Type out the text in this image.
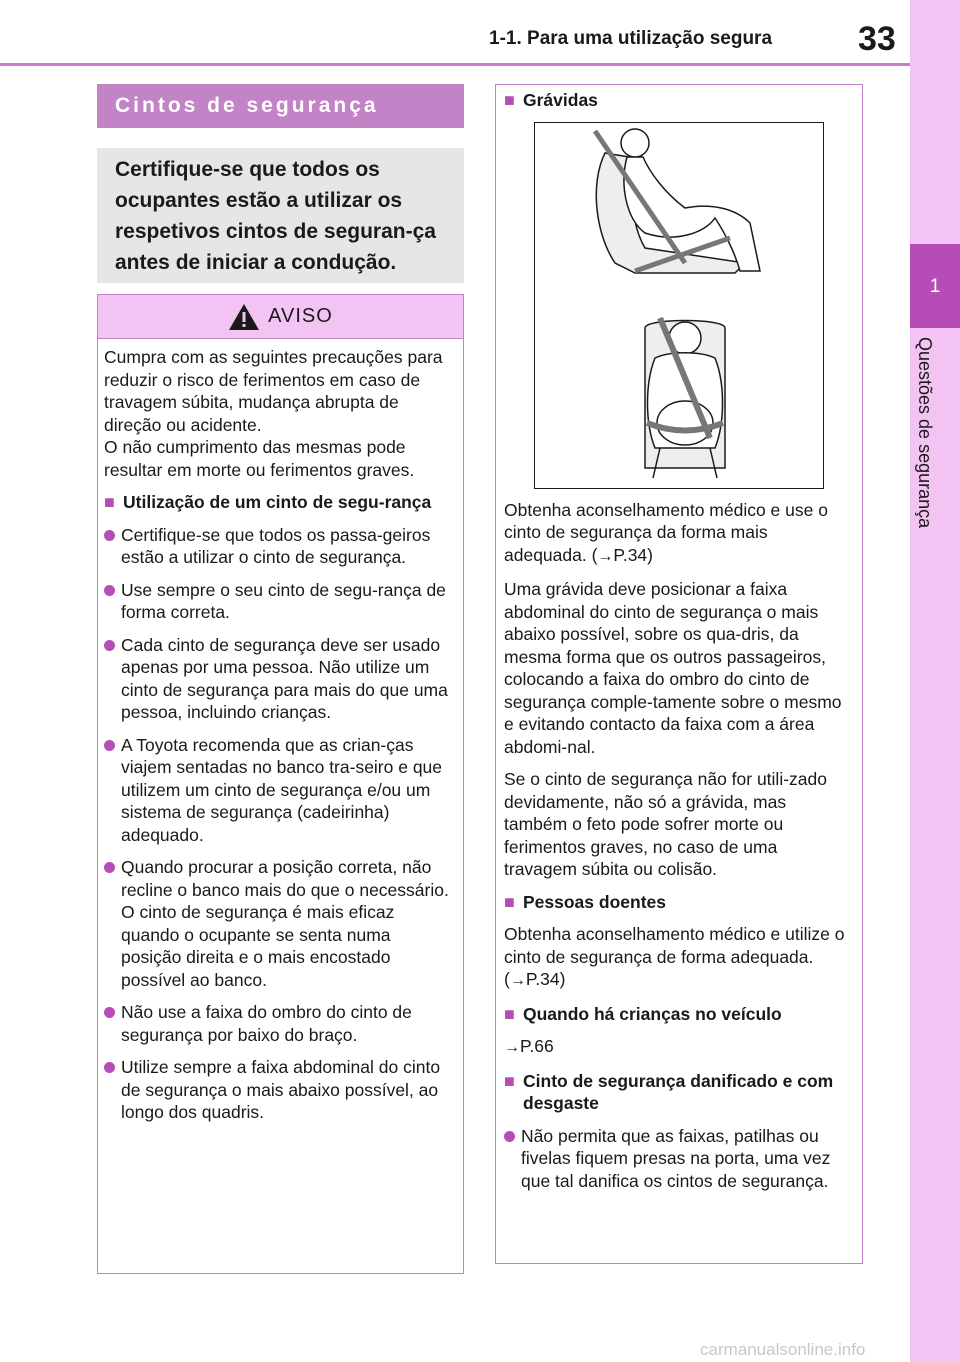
1
Questões de segurança
1-1. Para uma utilização segura	33
Cintos de segurança
Certifique-se que todos os ocupantes estão a utilizar os respetivos cintos de seguran-ça antes de iniciar a condução.
AVISO

Cumpra com as seguintes precauções para reduzir o risco de ferimentos em caso de travagem súbita, mudança abrupta de direção ou acidente.

O não cumprimento das mesmas pode resultar em morte ou ferimentos graves.

■ Utilização de um cinto de segu-rança
Certifique-se que todos os passa-geiros estão a utilizar o cinto de segurança.
Use sempre o seu cinto de segu-rança de forma correta.
Cada cinto de segurança deve ser usado apenas por uma pessoa. Não utilize um cinto de segurança para mais do que uma pessoa, incluindo crianças.
A Toyota recomenda que as crian-ças viajem sentadas no banco tra-seiro e que utilizem um cinto de segurança e/ou um sistema de segurança (cadeirinha) adequado.
Quando procurar a posição correta, não recline o banco mais do que o necessário. O cinto de segurança é mais eficaz quando o ocupante se senta numa posição direita e o mais encostado possível ao banco.
Não use a faixa do ombro do cinto de segurança por baixo do braço.
Utilize sempre a faixa abdominal do cinto de segurança o mais abaixo possível, ao longo dos quadris.
■ Grávidas

Obtenha aconselhamento médico e use o cinto de segurança da forma mais adequada. (→P.34)

Uma grávida deve posicionar a faixa abdominal do cinto de segurança o mais abaixo possível, sobre os qua-dris, da mesma forma que os outros passageiros, colocando a faixa do ombro do cinto de segurança comple-tamente sobre o mesmo e evitando contacto da faixa com a área abdomi-nal.

Se o cinto de segurança não for utili-zado devidamente, não só a grávida, mas também o feto pode sofrer morte ou ferimentos graves, no caso de uma travagem súbita ou colisão.

■ Pessoas doentes

Obtenha aconselhamento médico e utilize o cinto de segurança de forma adequada. (→P.34)

■ Quando há crianças no veículo

→P.66

■ Cinto de segurança danificado e com desgaste
Não permita que as faixas, patilhas ou fivelas fiquem presas na porta, uma vez que tal danifica os cintos de segurança.
carmanualsonline.info
